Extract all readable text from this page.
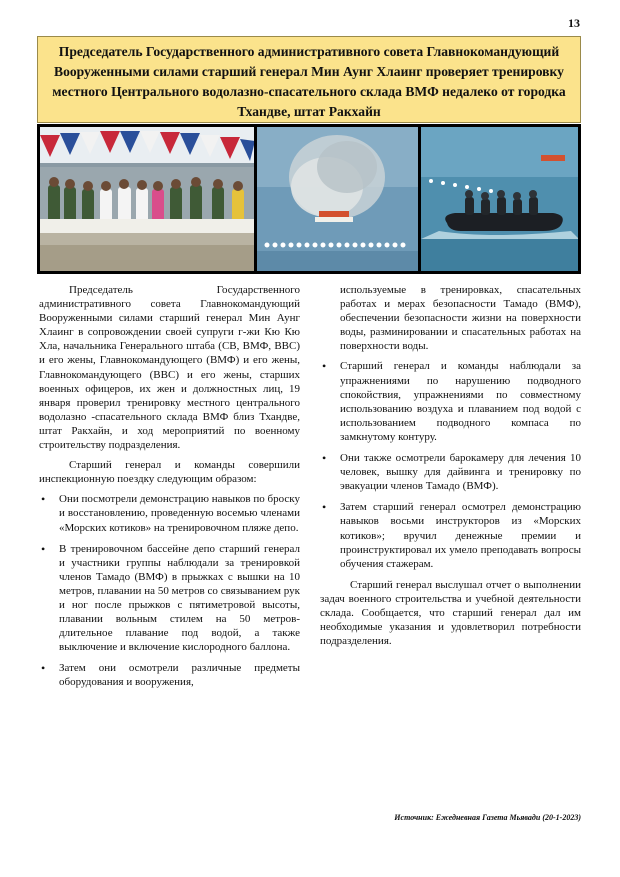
13
Председатель Государственного административного совета Главнокомандующий Вооруженными силами старший генерал Мин Аунг Хлаинг проверяет тренировку местного Центрального водолазно-спасательного склада ВМФ недалеко от городка Тхандве, штат Ракхайн

Председатель Государственного административного совета Главнокомандующий Вооруженными силами старший генерал Мин Аунг Хлаинг в сопровождении своей супруги г-жи Кю Кю Хла, начальника Генерального штаба (СВ, ВМФ, ВВС) и его жены, Главнокомандующего (ВМФ) и его жены, Главнокомандующего (ВВС) и его жены, старших военных офицеров, их жен и должностных лиц, 19 января проверил тренировку местного центрального водолазно -спасательного склада ВМФ близ Тхандве, штат Ракхайн, и ход мероприятий по военному строительству подразделения.

Старший генерал и команды совершили инспекционную поездку следующим образом:

• Они посмотрели демонстрацию навыков по броску и восстановлению, проведенную восемью членами «Морских котиков» на тренировочном пляже депо.
• В тренировочном бассейне депо старший генерал и участники группы наблюдали за тренировкой членов Тамадо (ВМФ) в прыжках с вышки на 10 метров, плавании на 50 метров со связыванием рук и ног после прыжков с пятиметровой высоты, плавании вольным стилем на 50 метров-длительное плавание под водой, а также выключение и включение кислородного баллона.
• Затем они осмотрели различные предметы оборудования и вооружения,

используемые в тренировках, спасательных работах и мерах безопасности Тамадо (ВМФ), обеспечении безопасности жизни на поверхности воды, разминировании и спасательных работах на поверхности воды.

• Старший генерал и команды наблюдали за упражнениями по нарушению подводного спокойствия, упражнениями по совместному использованию воздуха и плаванием под водой с использованием подводного компаса по замкнутому контуру.
• Они также осмотрели барокамеру для лечения 10 человек, вышку для дайвинга и тренировку по эвакуации членов Тамадо (ВМФ).
• Затем старший генерал осмотрел демонстрацию навыков восьми инструкторов из «Морских котиков»; вручил денежные премии и проинструктировал их умело преподавать вопросы обучения стажерам.

Старший генерал выслушал отчет о выполнении задач военного строительства и учебной деятельности склада. Сообщается, что старший генерал дал им необходимые указания и удовлетворил потребности подразделения.

Источник: Ежедневная Газета Мьявади (20-1-2023)
